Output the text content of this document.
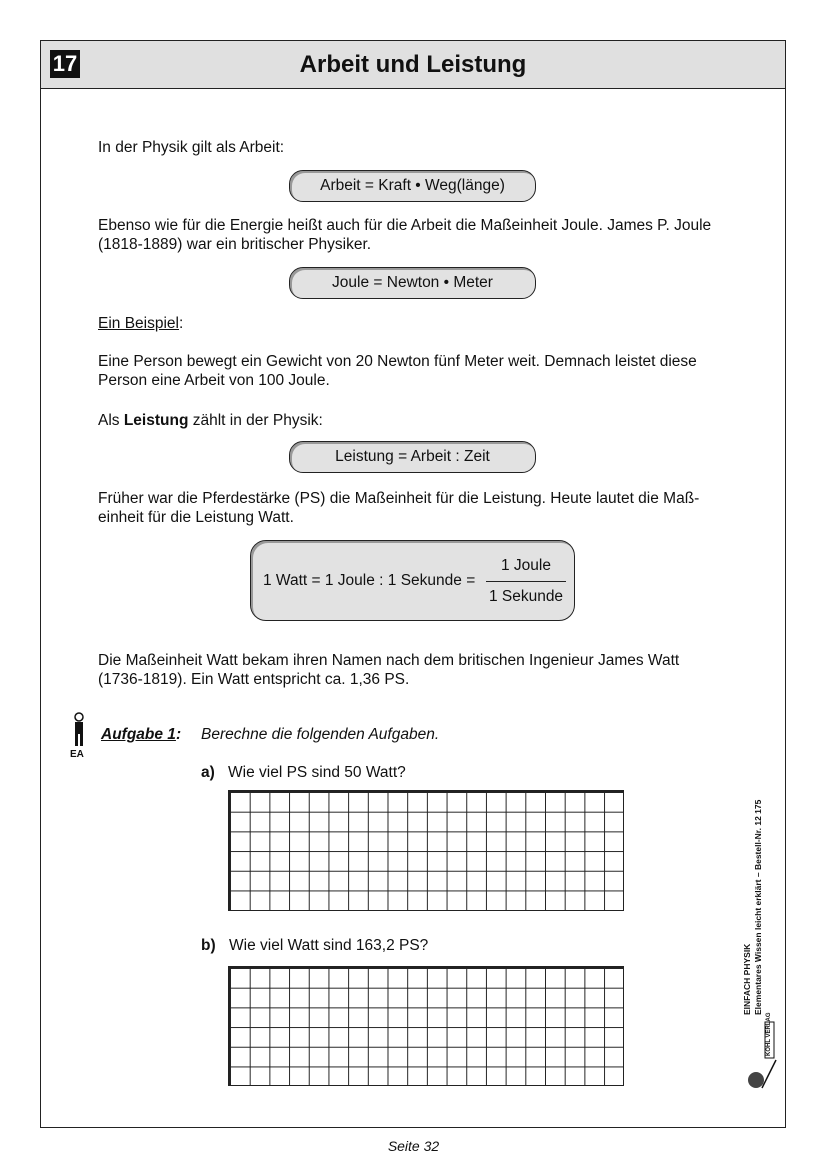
17	Arbeit und Leistung
In der Physik gilt als Arbeit:
Arbeit = Kraft • Weg(länge)
Ebenso wie für die Energie heißt auch für die Arbeit die Maßeinheit Joule. James P. Joule (1818-1889) war ein britischer Physiker.
Joule = Newton • Meter
Ein Beispiel:
Eine Person bewegt ein Gewicht von 20 Newton fünf Meter weit. Demnach leistet diese Person eine Arbeit von 100 Joule.
Als Leistung zählt in der Physik:
Leistung = Arbeit : Zeit
Früher war die Pferdestärke (PS) die Maßeinheit für die Leistung. Heute lautet die Maß-einheit für die Leistung Watt.
1 Watt = 1 Joule : 1 Sekunde =
1 Joule
1 Sekunde
Die Maßeinheit Watt bekam ihren Namen nach dem britischen Ingenieur James Watt (1736-1819). Ein Watt entspricht ca. 1,36 PS.
EA
Aufgabe 1: Berechne die folgenden Aufgaben.
a) Wie viel PS sind 50 Watt?
b) Wie viel Watt sind 163,2 PS?	EINFACH PHYSIK Elementares Wissen leicht erklärt – Bestell-Nr. 12 175
KOHL VERLAG
Seite 32
